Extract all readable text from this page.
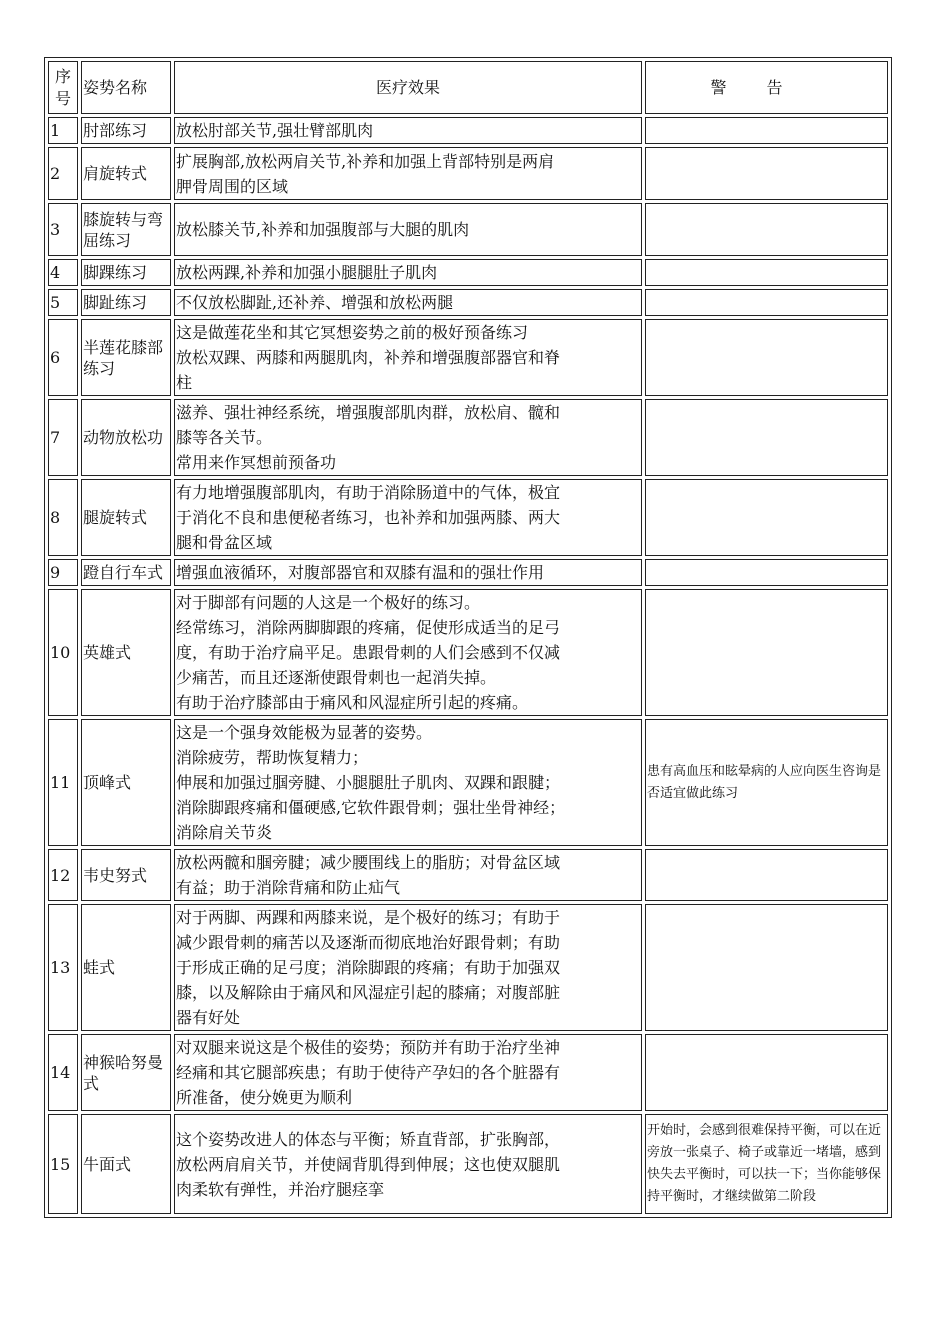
序号	姿势名称	医疗效果	警告
1	肘部练习	放松肘部关节,强壮臂部肌肉	

2	肩旋转式	扩展胸部,放松两肩关节,补养和加强上背部特别是两肩
胛骨周围的区域	

3	膝旋转与弯屈练习	放松膝关节,补养和加强腹部与大腿的肌肉	

4	脚踝练习	放松两踝,补养和加强小腿腿肚子肌肉	

5	脚趾练习	不仅放松脚趾,还补养、增强和放松两腿	

6	半莲花膝部练习	这是做莲花坐和其它冥想姿势之前的极好预备练习
放松双踝、两膝和两腿肌肉，补养和增强腹部器官和脊
柱	

7	动物放松功	滋养、强壮神经系统，增强腹部肌肉群，放松肩、髋和
膝等各关节。
常用来作冥想前预备功	

8	腿旋转式	有力地增强腹部肌肉，有助于消除肠道中的气体，极宜
于消化不良和患便秘者练习，也补养和加强两膝、两大
腿和骨盆区域	

9	蹬自行车式	增强血液循环，对腹部器官和双膝有温和的强壮作用	

10	英雄式	对于脚部有问题的人这是一个极好的练习。
经常练习，消除两脚脚跟的疼痛，促使形成适当的足弓
度，有助于治疗扁平足。患跟骨刺的人们会感到不仅减
少痛苦，而且还逐渐使跟骨刺也一起消失掉。
有助于治疗膝部由于痛风和风湿症所引起的疼痛。	

11	顶峰式	这是一个强身效能极为显著的姿势。
消除疲劳，帮助恢复精力；
伸展和加强过腘旁腱、小腿腿肚子肌肉、双踝和跟腱；
消除脚跟疼痛和僵硬感,它软件跟骨刺；强壮坐骨神经；
消除肩关节炎	患有高血压和眩晕病的人应向医生咨询是否适宜做此练习
12	韦史努式	放松两髋和腘旁腱；减少腰围线上的脂肪；对骨盆区域
有益；助于消除背痛和防止疝气	

13	蛙式	对于两脚、两踝和两膝来说，是个极好的练习；有助于
减少跟骨刺的痛苦以及逐渐而彻底地治好跟骨刺；有助
于形成正确的足弓度；消除脚跟的疼痛；有助于加强双
膝，以及解除由于痛风和风湿症引起的膝痛；对腹部脏
器有好处	

14	神猴哈努曼式	对双腿来说这是个极佳的姿势；预防并有助于治疗坐神
经痛和其它腿部疾患；有助于使待产孕妇的各个脏器有
所准备，使分娩更为顺利	

15	牛面式	这个姿势改进人的体态与平衡；矫直背部，扩张胸部，
放松两肩肩关节，并使阔背肌得到伸展；这也使双腿肌
肉柔软有弹性，并治疗腿痉挛	开始时，会感到很难保持平衡，可以在近旁放一张桌子、椅子或靠近一堵墙，感到快失去平衡时，可以扶一下；当你能够保持平衡时，才继续做第二阶段
